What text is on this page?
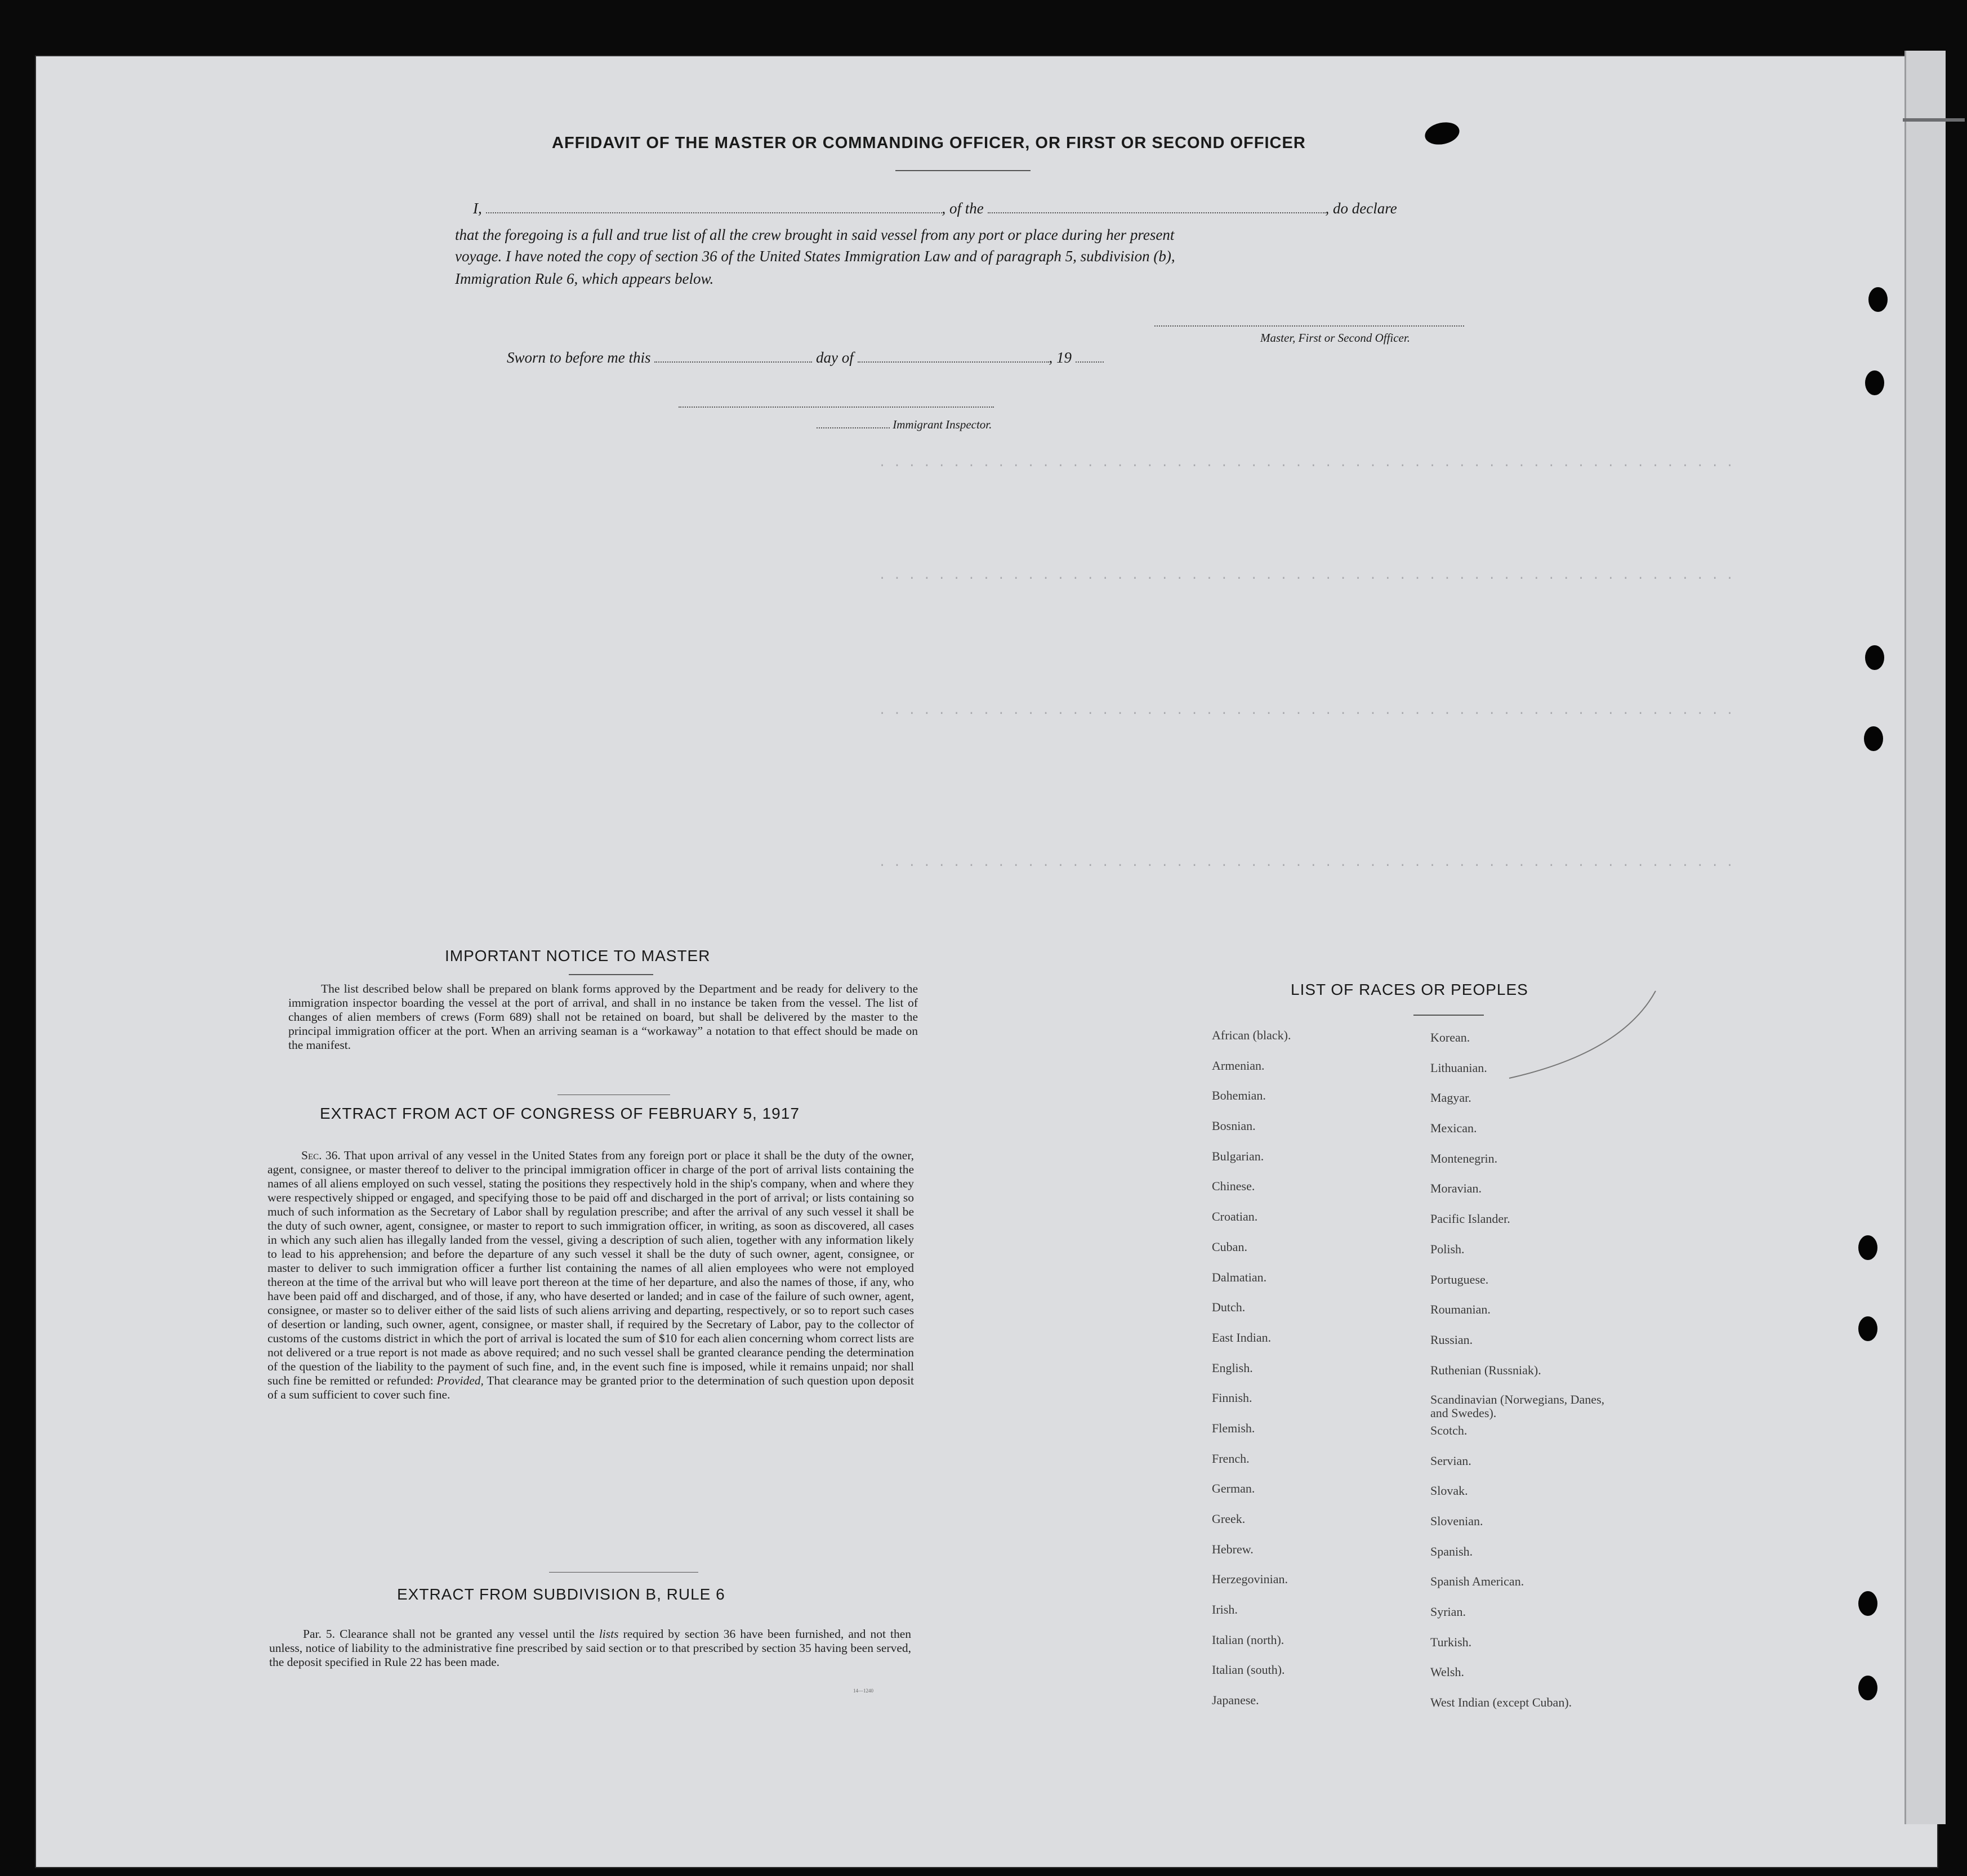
. . . . . . . . . . . . . . . . . . . . . . . . . . . . . . . . . . . . . . . . . . . . . . . . . . . . . . . . . .
. . . . . . . . . . . . . . . . . . . . . . . . . . . . . . . . . . . . . . . . . . . . . . . . . . . . . . . . . .
. . . . . . . . . . . . . . . . . . . . . . . . . . . . . . . . . . . . . . . . . . . . . . . . . . . . . . . . . .
. . . . . . . . . . . . . . . . . . . . . . . . . . . . . . . . . . . . . . . . . . . . . . . . . . . . . . . . . .
AFFIDAVIT OF THE MASTER OR COMMANDING OFFICER, OR FIRST OR SECOND OFFICER
I,	, of the	, do declare
that the foregoing is a full and true list of all the crew brought in said vessel from any port or place during her present
voyage. I have noted the copy of section 36 of the United States Immigration Law and of paragraph 5, subdivision (b),
Immigration Rule 6, which appears below.
Master, First or Second Officer.
Sworn to before me this	day of	, 19
Immigrant Inspector.
IMPORTANT NOTICE TO MASTER
The list described below shall be prepared on blank forms approved by the Department and be ready for delivery to the immigration inspector boarding the vessel at the port of arrival, and shall in no instance be taken from the vessel. The list of changes of alien members of crews (Form 689) shall not be retained on board, but shall be delivered by the master to the principal immigration officer at the port. When an arriving seaman is a “workaway” a notation to that effect should be made on the manifest.
EXTRACT FROM ACT OF CONGRESS OF FEBRUARY 5, 1917
Sec. 36. That upon arrival of any vessel in the United States from any foreign port or place it shall be the duty of the owner, agent, consignee, or master thereof to deliver to the principal immigration officer in charge of the port of arrival lists containing the names of all aliens employed on such vessel, stating the positions they respectively hold in the ship's company, when and where they were respectively shipped or engaged, and specifying those to be paid off and discharged in the port of arrival; or lists containing so much of such information as the Secretary of Labor shall by regulation prescribe; and after the arrival of any such vessel it shall be the duty of such owner, agent, consignee, or master to report to such immigration officer, in writing, as soon as discovered, all cases in which any such alien has illegally landed from the vessel, giving a description of such alien, together with any information likely to lead to his apprehension; and before the departure of any such vessel it shall be the duty of such owner, agent, consignee, or master to deliver to such immigration officer a further list containing the names of all alien employees who were not employed thereon at the time of the arrival but who will leave port thereon at the time of her departure, and also the names of those, if any, who have been paid off and discharged, and of those, if any, who have deserted or landed; and in case of the failure of such owner, agent, consignee, or master so to deliver either of the said lists of such aliens arriving and departing, respectively, or so to report such cases of desertion or landing, such owner, agent, consignee, or master shall, if required by the Secretary of Labor, pay to the collector of customs of the customs district in which the port of arrival is located the sum of $10 for each alien concerning whom correct lists are not delivered or a true report is not made as above required; and no such vessel shall be granted clearance pending the determination of the question of the liability to the payment of such fine, and, in the event such fine is imposed, while it remains unpaid; nor shall such fine be remitted or refunded: Provided, That clearance may be granted prior to the determination of such question upon deposit of a sum sufficient to cover such fine.
EXTRACT FROM SUBDIVISION B, RULE 6
Par. 5. Clearance shall not be granted any vessel until the lists required by section 36 have been furnished, and not then unless, notice of liability to the administrative fine prescribed by said section or to that prescribed by section 35 having been served, the deposit specified in Rule 22 has been made.
14—1240
LIST OF RACES OR PEOPLES
African (black).
Armenian.
Bohemian.
Bosnian.
Bulgarian.
Chinese.
Croatian.
Cuban.
Dalmatian.
Dutch.
East Indian.
English.
Finnish.
Flemish.
French.
German.
Greek.
Hebrew.
Herzegovinian.
Irish.
Italian (north).
Italian (south).
Japanese.
Korean.
Lithuanian.
Magyar.
Mexican.
Montenegrin.
Moravian.
Pacific Islander.
Polish.
Portuguese.
Roumanian.
Russian.
Ruthenian (Russniak).
Scandinavian (Norwegians, Danes, and Swedes).
Scotch.
Servian.
Slovak.
Slovenian.
Spanish.
Spanish American.
Syrian.
Turkish.
Welsh.
West Indian (except Cuban).
